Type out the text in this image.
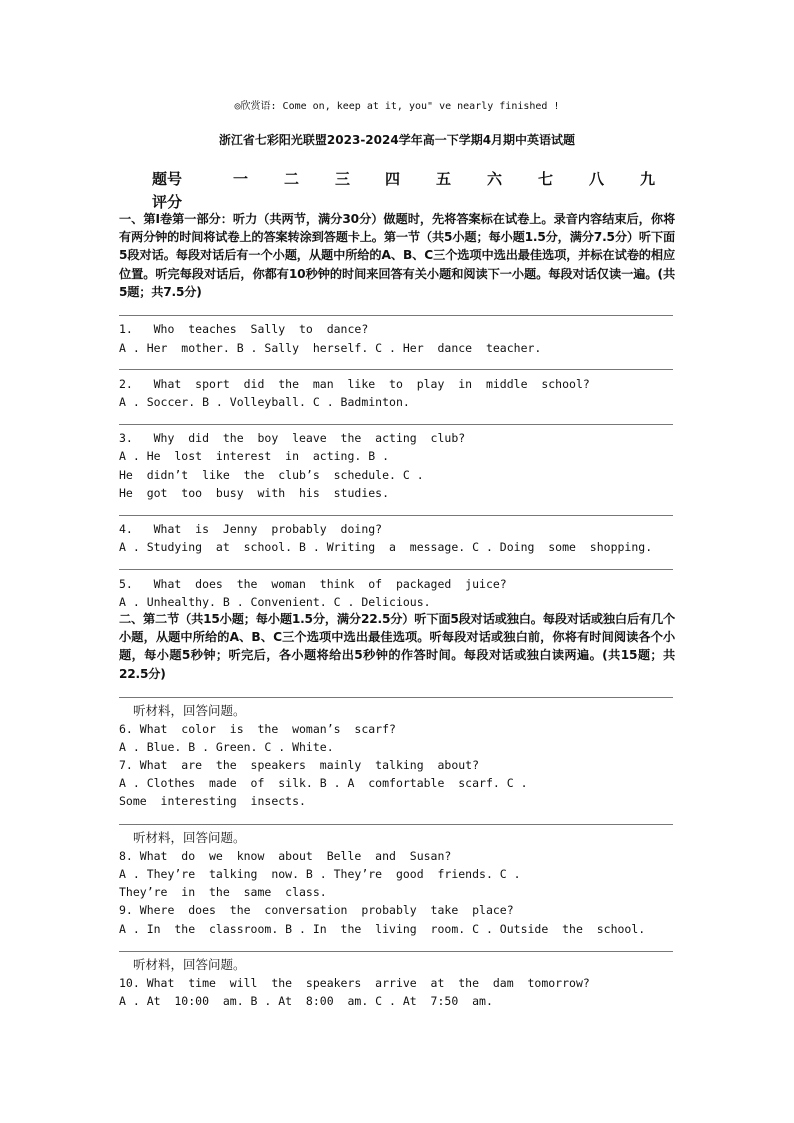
◎欣赏语: Come on, keep at it, you" ve nearly finished !
浙江省七彩阳光联盟2023-2024学年高一下学期4月期中英语试题
题号	一 二 三 四 五 六 七 八 九
评分
一、第Ⅰ卷第一部分：听力（共两节，满分30分）做题时，先将答案标在试卷上。录音内容结束后，你将有两分钟的时间将试卷上的答案转涂到答题卡上。第一节（共5小题；每小题1.5分，满分7.5分）听下面5段对话。每段对话后有一个小题，从题中所给的A、B、C三个选项中选出最佳选项，并标在试卷的相应位置。听完每段对话后，你都有10秒钟的时间来回答有关小题和阅读下一小题。每段对话仅读一遍。(共5题；共7.5分)
1.   Who  teaches  Sally  to  dance?
A . Her  mother. B . Sally  herself. C . Her  dance  teacher.
2.   What  sport  did  the  man  like  to  play  in  middle  school?
A . Soccer. B . Volleyball. C . Badminton.
3.   Why  did  the  boy  leave  the  acting  club?
A . He  lost  interest  in  acting. B .
He  didn’t  like  the  club’s  schedule. C .
He  got  too  busy  with  his  studies.
4.   What  is  Jenny  probably  doing?
A . Studying  at  school. B . Writing  a  message. C . Doing  some  shopping.
5.   What  does  the  woman  think  of  packaged  juice?
A . Unhealthy. B . Convenient. C . Delicious.
二、第二节（共15小题；每小题1.5分，满分22.5分）听下面5段对话或独白。每段对话或独白后有几个小题，从题中所给的A、B、C三个选项中选出最佳选项。听每段对话或独白前，你将有时间阅读各个小题，每小题5秒钟；听完后，各小题将给出5秒钟的作答时间。每段对话或独白读两遍。(共15题；共22.5分)
听材料，回答问题。
6. What  color  is  the  woman’s  scarf?
A . Blue. B . Green. C . White.
7. What  are  the  speakers  mainly  talking  about?
A . Clothes  made  of  silk. B . A  comfortable  scarf. C .
Some  interesting  insects.
听材料，回答问题。
8. What  do  we  know  about  Belle  and  Susan?
A . They’re  talking  now. B . They’re  good  friends. C .
They’re  in  the  same  class.
9. Where  does  the  conversation  probably  take  place?
A . In  the  classroom. B . In  the  living  room. C . Outside  the  school.
听材料，回答问题。
10. What  time  will  the  speakers  arrive  at  the  dam  tomorrow?
A . At  10:00  am. B . At  8:00  am. C . At  7:50  am.
